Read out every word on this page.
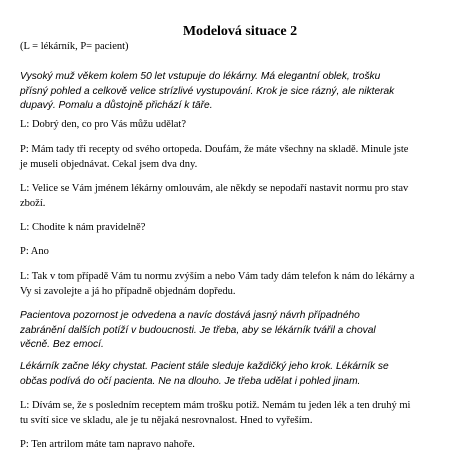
Modelová situace 2

(L = lékárník, P= pacient)

Vysoký muž věkem kolem 50 let vstupuje do lékárny. Má elegantní oblek, trošku
přísný pohled a celkově velice strízlivé vystupování. Krok je sice rázný, ale nikterak
dupavý. Pomalu a důstojně přichází k tāře.

L: Dobrý den, co pro Vás můžu udělat?

P: Mám tady tři recepty od svého ortopeda. Doufám, že máte všechny na skladě. Minule jste
je museli objednávat. Cekal jsem dva dny.

L: Velice se Vám jménem lékárny omlouvám, ale někdy se nepodaří nastavit normu pro stav
zboží.

L: Chodite k nám pravidelně?

P: Ano

L: Tak v tom případě Vám tu normu zvýším a nebo Vám tady dám telefon k nám do lékárny a
Vy si zavolejte a já ho případně objednám dopředu.

Pacientova pozornost je odvedena a navíc dostává jasný návrh případného
zabránění dalších potíží v budoucnosti. Je třeba, aby se lékárník tvářil a choval
věcně. Bez emocí.

Lékárník začne léky chystat. Pacient stále sleduje každičký jeho krok. Lékárník se
občas podívá do očí pacienta. Ne na dlouho. Je třeba udělat i pohled jinam.

L: Dívám se, že s posledním receptem mám trošku potiž. Nemám tu jeden lék a ten druhý mi
tu svítí sice ve skladu, ale je tu nějaká nesrovnalost. Hned to vyřeším.

P: Ten artrilom máte tam napravo nahoře.
